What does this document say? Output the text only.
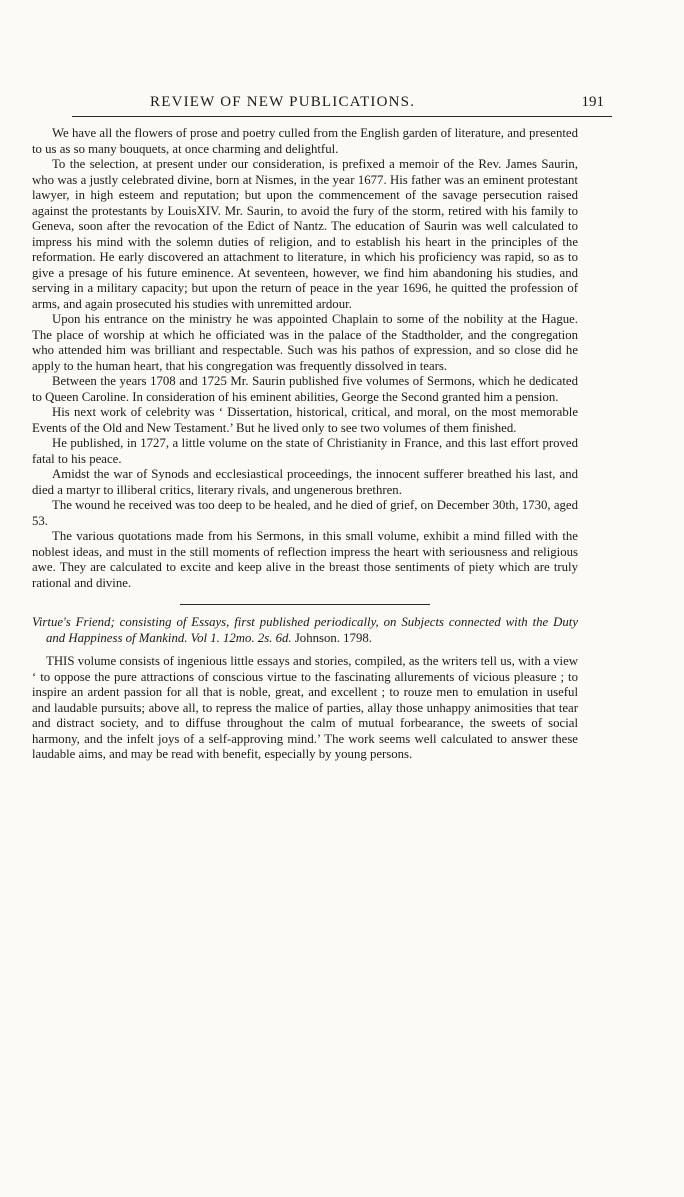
REVIEW OF NEW PUBLICATIONS.	191

We have all the flowers of prose and poetry culled from the English garden of literature, and presented to us as so many bouquets, at once charming and delightful.

To the selection, at present under our consideration, is prefixed a memoir of the Rev. James Saurin, who was a justly celebrated divine, born at Nismes, in the year 1677. His father was an eminent protestant lawyer, in high esteem and reputation; but upon the commencement of the savage persecution raised against the protestants by LouisXIV. Mr. Saurin, to avoid the fury of the storm, retired with his family to Geneva, soon after the revocation of the Edict of Nantz. The education of Saurin was well calculated to impress his mind with the solemn duties of religion, and to establish his heart in the principles of the reformation. He early discovered an attachment to literature, in which his proficiency was rapid, so as to give a presage of his future eminence. At seventeen, however, we find him abandoning his studies, and serving in a military capacity; but upon the return of peace in the year 1696, he quitted the profession of arms, and again prosecuted his studies with unremitted ardour.

Upon his entrance on the ministry he was appointed Chaplain to some of the nobility at the Hague. The place of worship at which he officiated was in the palace of the Stadtholder, and the congregation who attended him was brilliant and respectable. Such was his pathos of expression, and so close did he apply to the human heart, that his congregation was frequently dissolved in tears.

Between the years 1708 and 1725 Mr. Saurin published five volumes of Sermons, which he dedicated to Queen Caroline. In consideration of his eminent abilities, George the Second granted him a pension.

His next work of celebrity was ‘ Dissertation, historical, critical, and moral, on the most memorable Events of the Old and New Testament.’ But he lived only to see two volumes of them finished.

He published, in 1727, a little volume on the state of Christianity in France, and this last effort proved fatal to his peace.

Amidst the war of Synods and ecclesiastical proceedings, the innocent sufferer breathed his last, and died a martyr to illiberal critics, literary rivals, and ungenerous brethren.

The wound he received was too deep to be healed, and he died of grief, on December 30th, 1730, aged 53.

The various quotations made from his Sermons, in this small volume, exhibit a mind filled with the noblest ideas, and must in the still moments of reflection impress the heart with seriousness and religious awe. They are calculated to excite and keep alive in the breast those sentiments of piety which are truly rational and divine.

Virtue's Friend; consisting of Essays, first published periodically, on Subjects connected with the Duty and Happiness of Mankind. Vol 1. 12mo. 2s. 6d. Johnson. 1798.

THIS volume consists of ingenious little essays and stories, compiled, as the writers tell us, with a view ‘ to oppose the pure attractions of conscious virtue to the fascinating allurements of vicious pleasure ; to inspire an ardent passion for all that is noble, great, and excellent ; to rouze men to emulation in useful and laudable pursuits; above all, to repress the malice of parties, allay those unhappy animosities that tear and distract society, and to diffuse throughout the calm of mutual forbearance, the sweets of social harmony, and the infelt joys of a self-approving mind.’ The work seems well calculated to answer these laudable aims, and may be read with benefit, especially by young persons.
